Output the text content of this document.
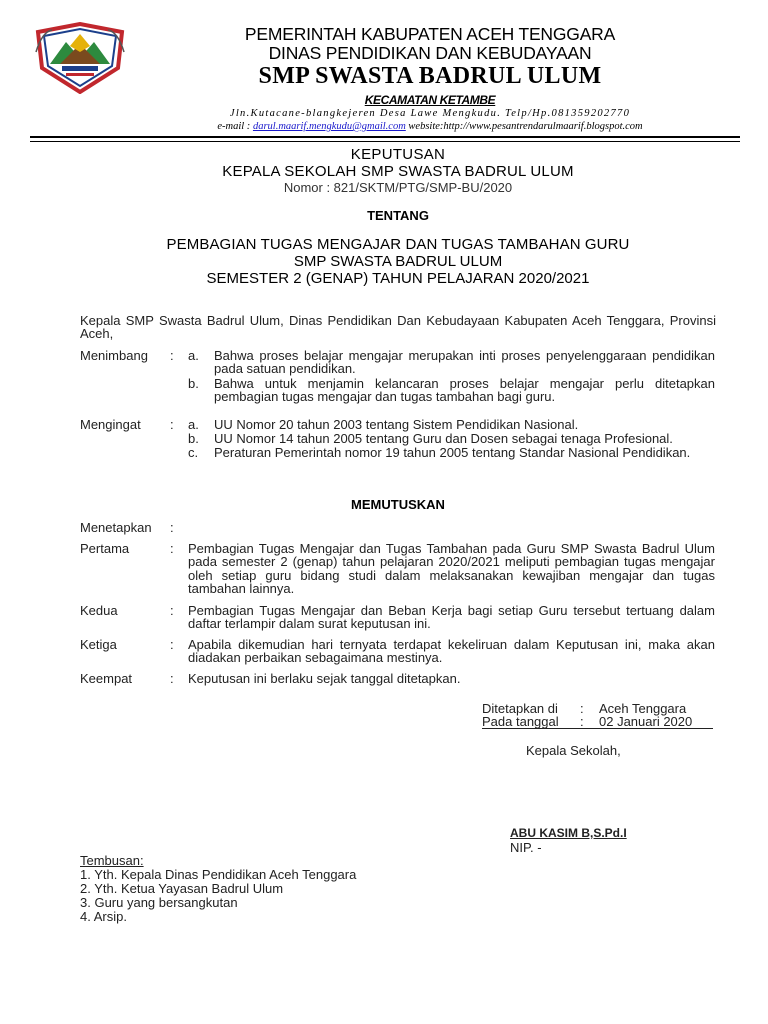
PEMERINTAH KABUPATEN ACEH TENGGARA
DINAS PENDIDIKAN DAN KEBUDAYAAN
SMP SWASTA BADRUL ULUM
KECAMATAN KETAMBE
Jln.Kutacane-blangkejeren Desa Lawe Mengkudu. Telp/Hp.081359202770
e-mail : darul.maarif.mengkudu@gmail.com website:http://www.pesantrendarulmaarif.blogspot.com
KEPUTUSAN
KEPALA SEKOLAH SMP SWASTA BADRUL ULUM
Nomor : 821/SKTM/PTG/SMP-BU/2020
TENTANG
PEMBAGIAN TUGAS MENGAJAR DAN TUGAS TAMBAHAN GURU
SMP SWASTA BADRUL ULUM
SEMESTER 2 (GENAP) TAHUN PELAJARAN 2020/2021
Kepala SMP Swasta Badrul Ulum, Dinas Pendidikan Dan Kebudayaan Kabupaten Aceh Tenggara, Provinsi Aceh,
Menimbang : a. Bahwa proses belajar mengajar merupakan inti proses penyelenggaraan pendidikan pada satuan pendidikan.
b. Bahwa untuk menjamin kelancaran proses belajar mengajar perlu ditetapkan pembagian tugas mengajar dan tugas tambahan bagi guru.
Mengingat : a. UU Nomor 20 tahun 2003 tentang Sistem Pendidikan Nasional.
b. UU Nomor 14 tahun 2005 tentang Guru dan Dosen sebagai tenaga Profesional.
c. Peraturan Pemerintah nomor 19 tahun 2005 tentang Standar Nasional Pendidikan.
MEMUTUSKAN
Menetapkan :
Pertama	: Pembagian Tugas Mengajar dan Tugas Tambahan pada Guru SMP Swasta Badrul Ulum pada semester 2 (genap) tahun pelajaran 2020/2021 meliputi pembagian tugas mengajar oleh setiap guru bidang studi dalam melaksanakan kewajiban mengajar dan tugas tambahan lainnya.
Kedua	: Pembagian Tugas Mengajar dan Beban Kerja bagi setiap Guru tersebut tertuang dalam daftar terlampir dalam surat keputusan ini.
Ketiga	: Apabila dikemudian hari ternyata terdapat kekeliruan dalam Keputusan ini, maka akan diadakan perbaikan sebagaimana mestinya.
Keempat	: Keputusan ini berlaku sejak tanggal ditetapkan.
Ditetapkan di : Aceh Tenggara
Pada tanggal : 02 Januari 2020
Kepala Sekolah,
ABU KASIM B,S.Pd.I
NIP. -
Tembusan:
1. Yth. Kepala Dinas Pendidikan Aceh Tenggara
2. Yth. Ketua Yayasan Badrul Ulum
3. Guru yang bersangkutan
4. Arsip.
